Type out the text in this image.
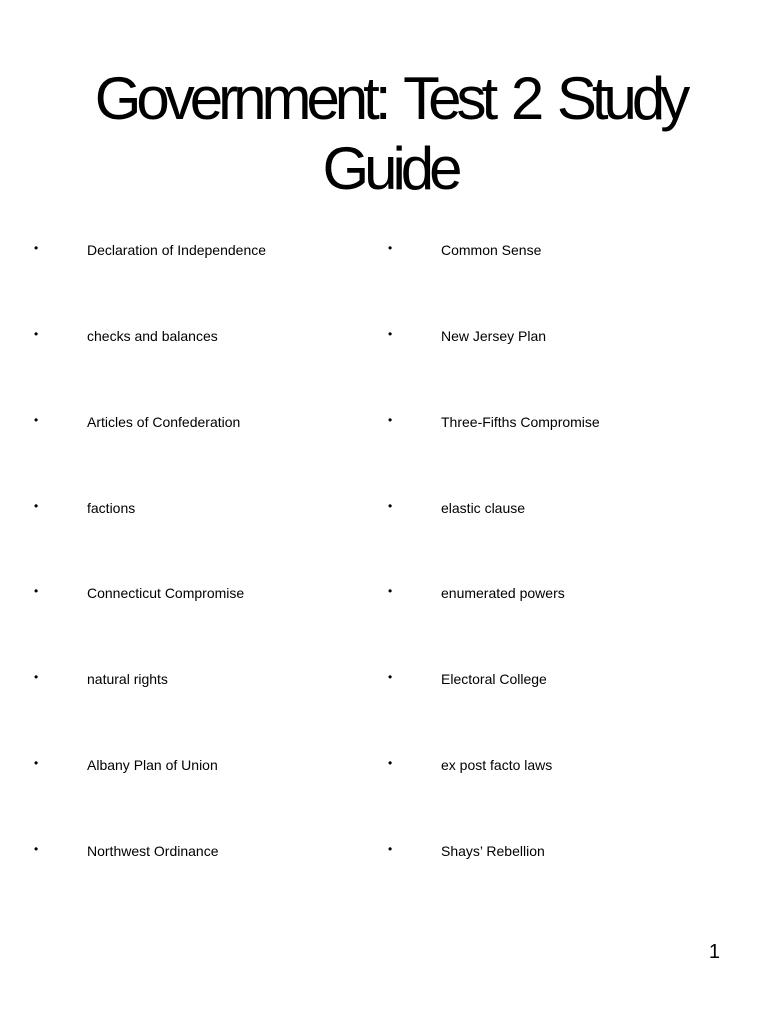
Government: Test 2 Study Guide
•	Declaration of Independence
•	checks and balances
•	Articles of Confederation
•	factions
•	Connecticut Compromise
•	natural rights
•	Albany Plan of Union
•	Northwest Ordinance
•	Common Sense
•	New Jersey Plan
•	Three-Fifths Compromise
•	elastic clause
•	enumerated powers
•	Electoral College
•	ex post facto laws
•	Shays’ Rebellion
1
